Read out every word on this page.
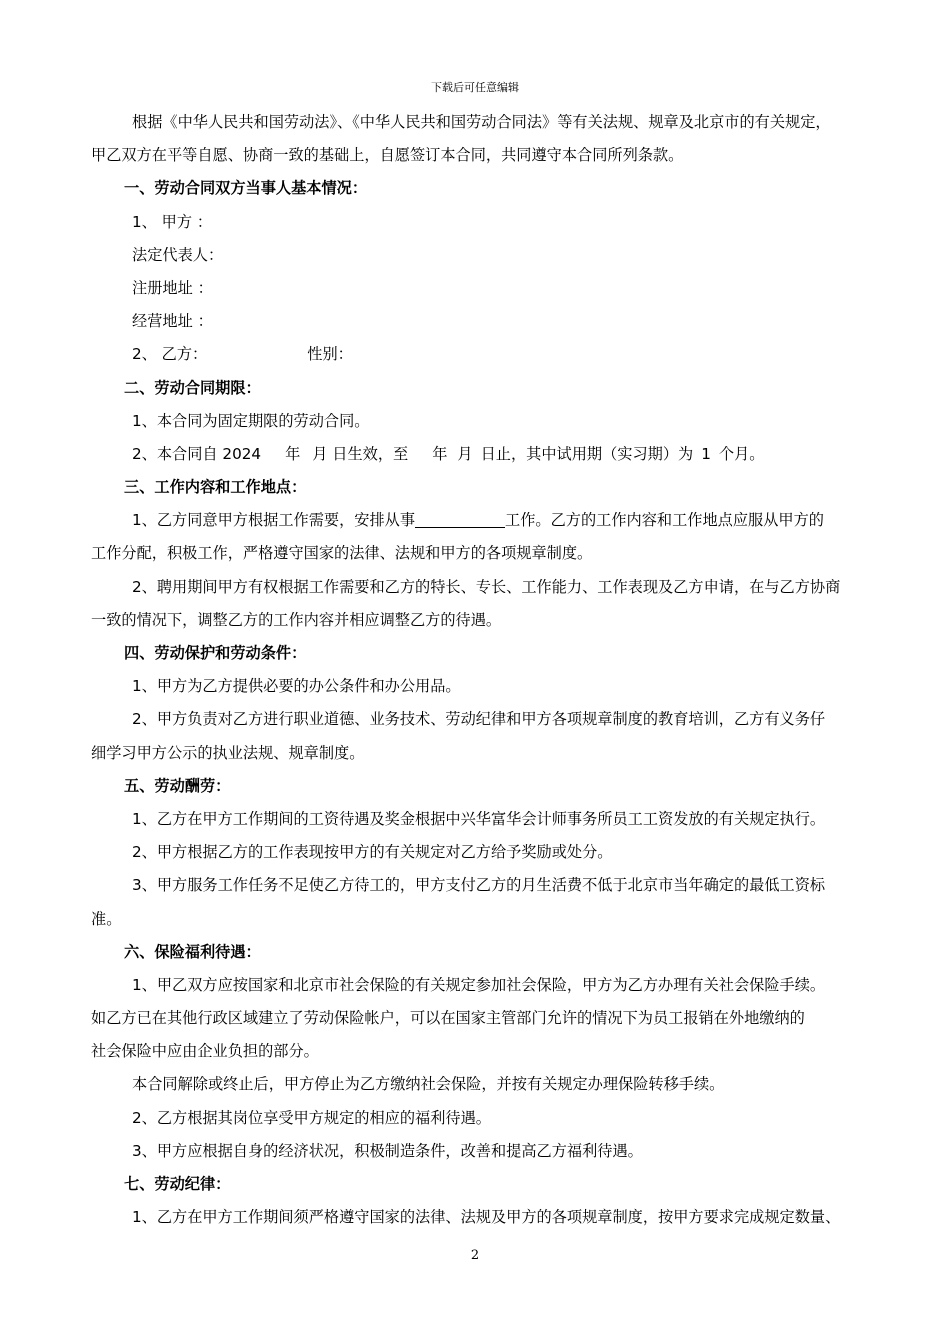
下载后可任意编辑
根据《中华人民共和国劳动法》、《中华人民共和国劳动合同法》等有关法规、规章及北京市的有关规定，
甲乙双方在平等自愿、协商一致的基础上，自愿签订本合同，共同遵守本合同所列条款。
一、劳动合同双方当事人基本情况：
1、 甲方 ：
法定代表人：
注册地址 ：
经营地址 ：
2、 乙方：	性别：
二、劳动合同期限：
1、本合同为固定期限的劳动合同。
2、本合同自 2024 年 月 日生效，至 年 月 日止，其中试用期（实习期）为 1 个月。
三、工作内容和工作地点：
1、乙方同意甲方根据工作需要，安排从事	工作。乙方的工作内容和工作地点应服从甲方的
工作分配，积极工作，严格遵守国家的法律、法规和甲方的各项规章制度。
2、聘用期间甲方有权根据工作需要和乙方的特长、专长、工作能力、工作表现及乙方申请，在与乙方协商
一致的情况下，调整乙方的工作内容并相应调整乙方的待遇。
四、劳动保护和劳动条件：
1、甲方为乙方提供必要的办公条件和办公用品。
2、甲方负责对乙方进行职业道德、业务技术、劳动纪律和甲方各项规章制度的教育培训，乙方有义务仔
细学习甲方公示的执业法规、规章制度。
五、劳动酬劳：
1、乙方在甲方工作期间的工资待遇及奖金根据中兴华富华会计师事务所员工工资发放的有关规定执行。
2、甲方根据乙方的工作表现按甲方的有关规定对乙方给予奖励或处分。
3、甲方服务工作任务不足使乙方待工的，甲方支付乙方的月生活费不低于北京市当年确定的最低工资标
准。
六、保险福利待遇：
1、甲乙双方应按国家和北京市社会保险的有关规定参加社会保险，甲方为乙方办理有关社会保险手续。
如乙方已在其他行政区域建立了劳动保险帐户，可以在国家主管部门允许的情况下为员工报销在外地缴纳的
社会保险中应由企业负担的部分。
本合同解除或终止后，甲方停止为乙方缴纳社会保险，并按有关规定办理保险转移手续。
2、乙方根据其岗位享受甲方规定的相应的福利待遇。
3、甲方应根据自身的经济状况，积极制造条件，改善和提高乙方福利待遇。
七、劳动纪律：
1、乙方在甲方工作期间须严格遵守国家的法律、法规及甲方的各项规章制度，按甲方要求完成规定数量、
2
